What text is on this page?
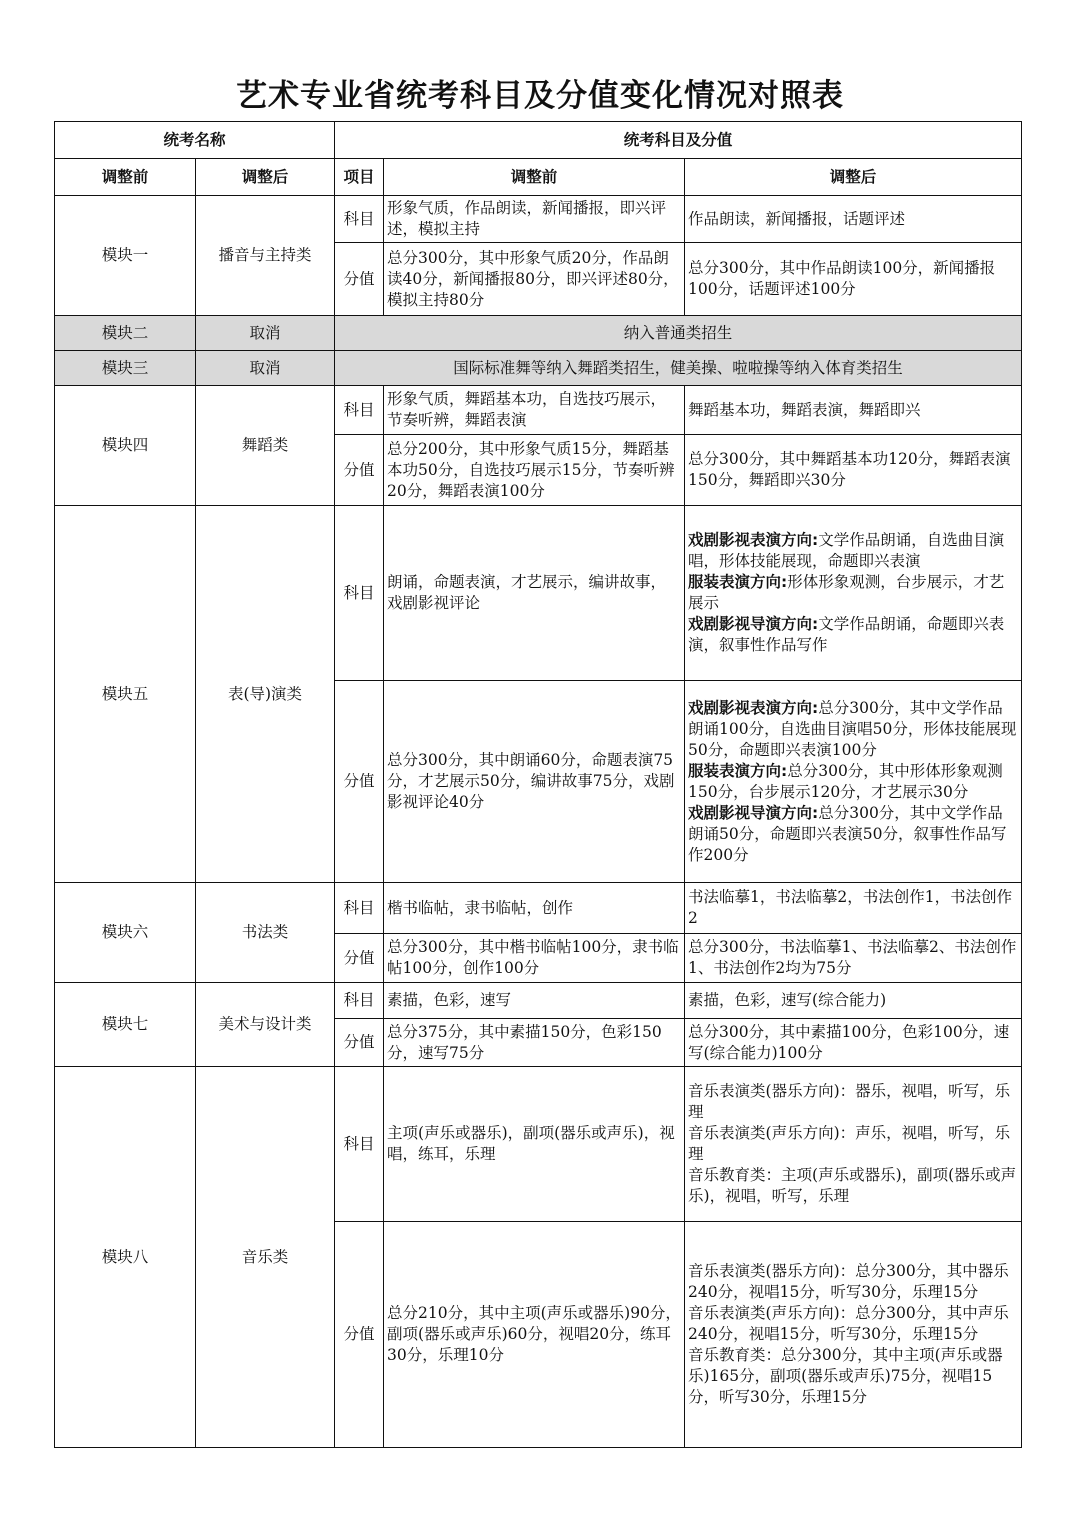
艺术专业省统考科目及分值变化情况对照表
统考名称		统考科目及分值		
调整前	调整后	项目	调整前	调整后
模块一	播音与主持类	科目	形象气质，作品朗读，新闻播报，即兴评述，模拟主持	作品朗读，新闻播报，话题评述
		分值	总分300分，其中形象气质20分，作品朗读40分，新闻播报80分，即兴评述80分，模拟主持80分	总分300分，其中作品朗读100分，新闻播报100分，话题评述100分
模块二	取消	纳入普通类招生		
模块三	取消	国际标准舞等纳入舞蹈类招生，健美操、啦啦操等纳入体育类招生		
模块四	舞蹈类	科目	形象气质，舞蹈基本功，自选技巧展示，节奏听辨，舞蹈表演	舞蹈基本功，舞蹈表演，舞蹈即兴
		分值	总分200分，其中形象气质15分，舞蹈基本功50分，自选技巧展示15分，节奏听辨20分，舞蹈表演100分	总分300分，其中舞蹈基本功120分，舞蹈表演150分，舞蹈即兴30分
模块五	表(导)演类	科目	朗诵，命题表演，才艺展示，编讲故事，戏剧影视评论	戏剧影视表演方向:文学作品朗诵，自选曲目演唱，形体技能展现，命题即兴表演
服装表演方向:形体形象观测，台步展示，才艺展示
戏剧影视导演方向:文学作品朗诵，命题即兴表演，叙事性作品写作

		分值	总分300分，其中朗诵60分，命题表演75分，才艺展示50分，编讲故事75分，戏剧影视评论40分	戏剧影视表演方向:总分300分，其中文学作品朗诵100分，自选曲目演唱50分，形体技能展现50分，命题即兴表演100分
服装表演方向:总分300分，其中形体形象观测150分，台步展示120分，才艺展示30分
戏剧影视导演方向:总分300分，其中文学作品朗诵50分，命题即兴表演50分，叙事性作品写作200分

模块六	书法类	科目	楷书临帖，隶书临帖，创作	书法临摹1，书法临摹2，书法创作1，书法创作2
		分值	总分300分，其中楷书临帖100分，隶书临帖100分，创作100分	总分300分，书法临摹1、书法临摹2、书法创作1、书法创作2均为75分
模块七	美术与设计类	科目	素描，色彩，速写	素描，色彩，速写(综合能力)
		分值	总分375分，其中素描150分，色彩150分，速写75分	总分300分，其中素描100分，色彩100分，速写(综合能力)100分
模块八	音乐类	科目	主项(声乐或器乐)，副项(器乐或声乐)，视唱，练耳，乐理	音乐表演类(器乐方向)：器乐，视唱，听写，乐理
音乐表演类(声乐方向)：声乐，视唱，听写，乐理
音乐教育类：主项(声乐或器乐)，副项(器乐或声乐)，视唱，听写，乐理

		分值	总分210分，其中主项(声乐或器乐)90分，副项(器乐或声乐)60分，视唱20分，练耳30分，乐理10分	音乐表演类(器乐方向)：总分300分，其中器乐240分，视唱15分，听写30分，乐理15分
音乐表演类(声乐方向)：总分300分，其中声乐240分，视唱15分，听写30分，乐理15分
音乐教育类：总分300分，其中主项(声乐或器乐)165分，副项(器乐或声乐)75分，视唱15分，听写30分，乐理15分
